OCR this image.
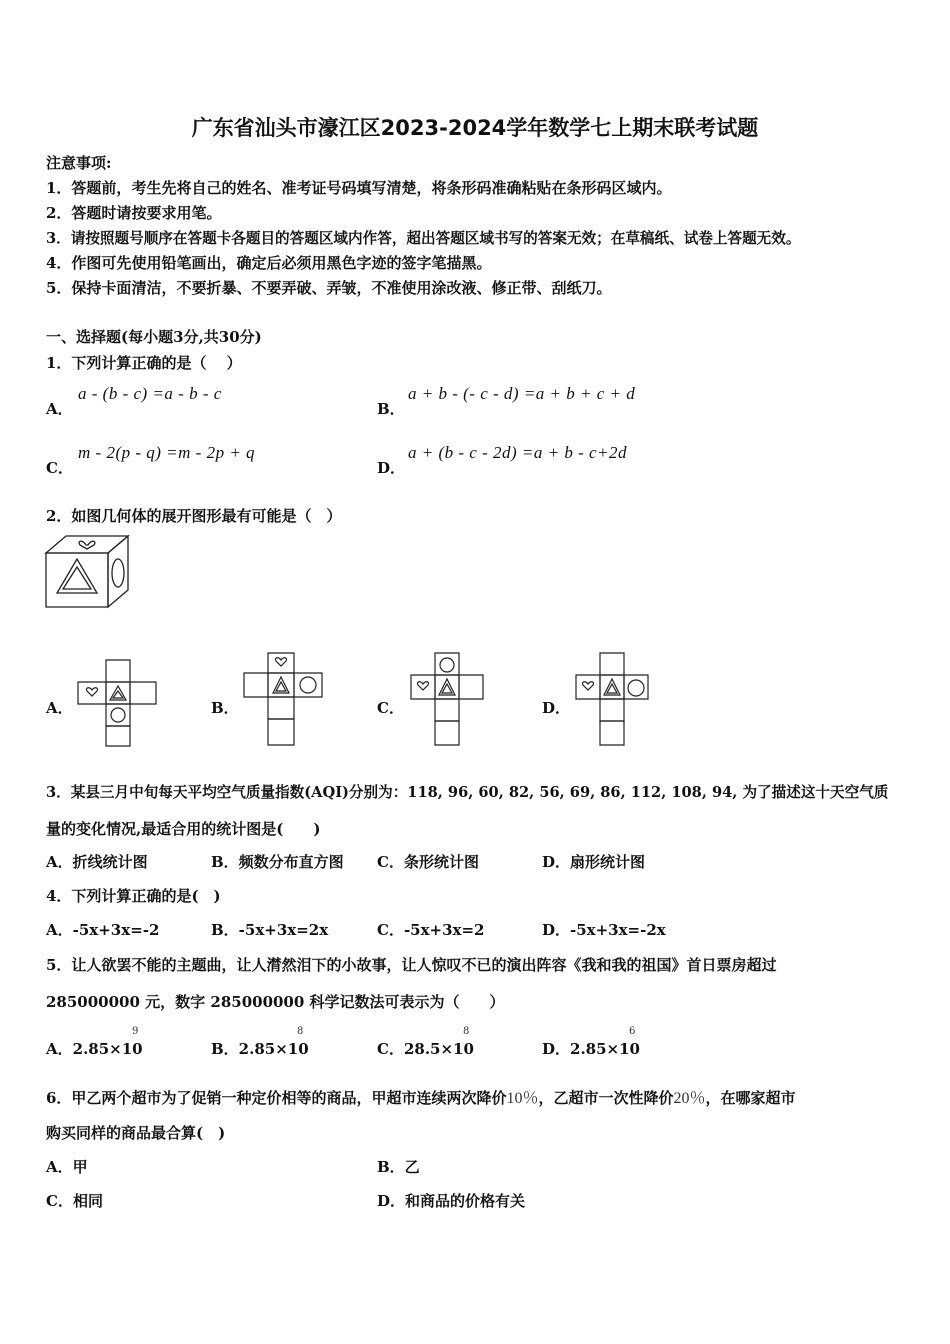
广东省汕头市濠江区2023-2024学年数学七上期末联考试题
注意事项:
1．答题前，考生先将自己的姓名、准考证号码填写清楚，将条形码准确粘贴在条形码区域内。
2．答题时请按要求用笔。
3．请按照题号顺序在答题卡各题目的答题区域内作答，超出答题区域书写的答案无效；在草稿纸、试卷上答题无效。
4．作图可先使用铅笔画出，确定后必须用黑色字迹的签字笔描黑。
5．保持卡面清洁，不要折暴、不要弄破、弄皱，不准使用涂改液、修正带、刮纸刀。
一、选择题(每小题3分,共30分)
1．下列计算正确的是（　 ）
A．
a - (b - c) =a - b - c
B．
a + b - (- c - d) =a + b + c + d
C．
m - 2(p - q) =m - 2p + q
D．
a + (b - c - 2d) =a + b - c+2d
2．如图几何体的展开图形最有可能是（　）
A．	B．	C．	D．
3．某县三月中旬每天平均空气质量指数(AQI)分别为：118, 96, 60, 82, 56, 69, 86, 112, 108, 94, 为了描述这十天空气质
量的变化情况,最适合用的统计图是(　　)
A．折线统计图	B．频数分布直方图 C．条形统计图	D．扇形统计图
4．下列计算正确的是(　)
A．-5x+3x=-2	B．-5x+3x=2x	C．-5x+3x=2	D．-5x+3x=-2x
5．让人欲罢不能的主题曲，让人潸然泪下的小故事，让人惊叹不已的演出阵容《我和我的祖国》首日票房超过
285000000 元，数字 285000000 科学记数法可表示为（　　）
A．2.85×10
9
B．2.85×10
8
C．28.5×10
8
D．2.85×10
6
6．甲乙两个超市为了促销一种定价相等的商品，甲超市连续两次降价10％，乙超市一次性降价20％，在哪家超市
购买同样的商品最合算(　)
A．甲	B．乙
C．相同	D．和商品的价格有关
